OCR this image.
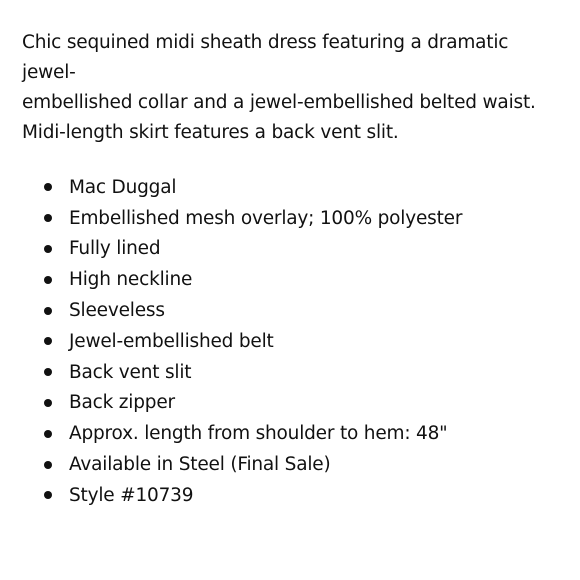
Chic sequined midi sheath dress featuring a dramatic jewel-
embellished collar and a jewel-embellished belted waist.
Midi-length skirt features a back vent slit.

Mac Duggal
Embellished mesh overlay; 100% polyester
Fully lined
High neckline
Sleeveless
Jewel-embellished belt
Back vent slit
Back zipper
Approx. length from shoulder to hem: 48"
Available in Steel (Final Sale)
Style #10739
